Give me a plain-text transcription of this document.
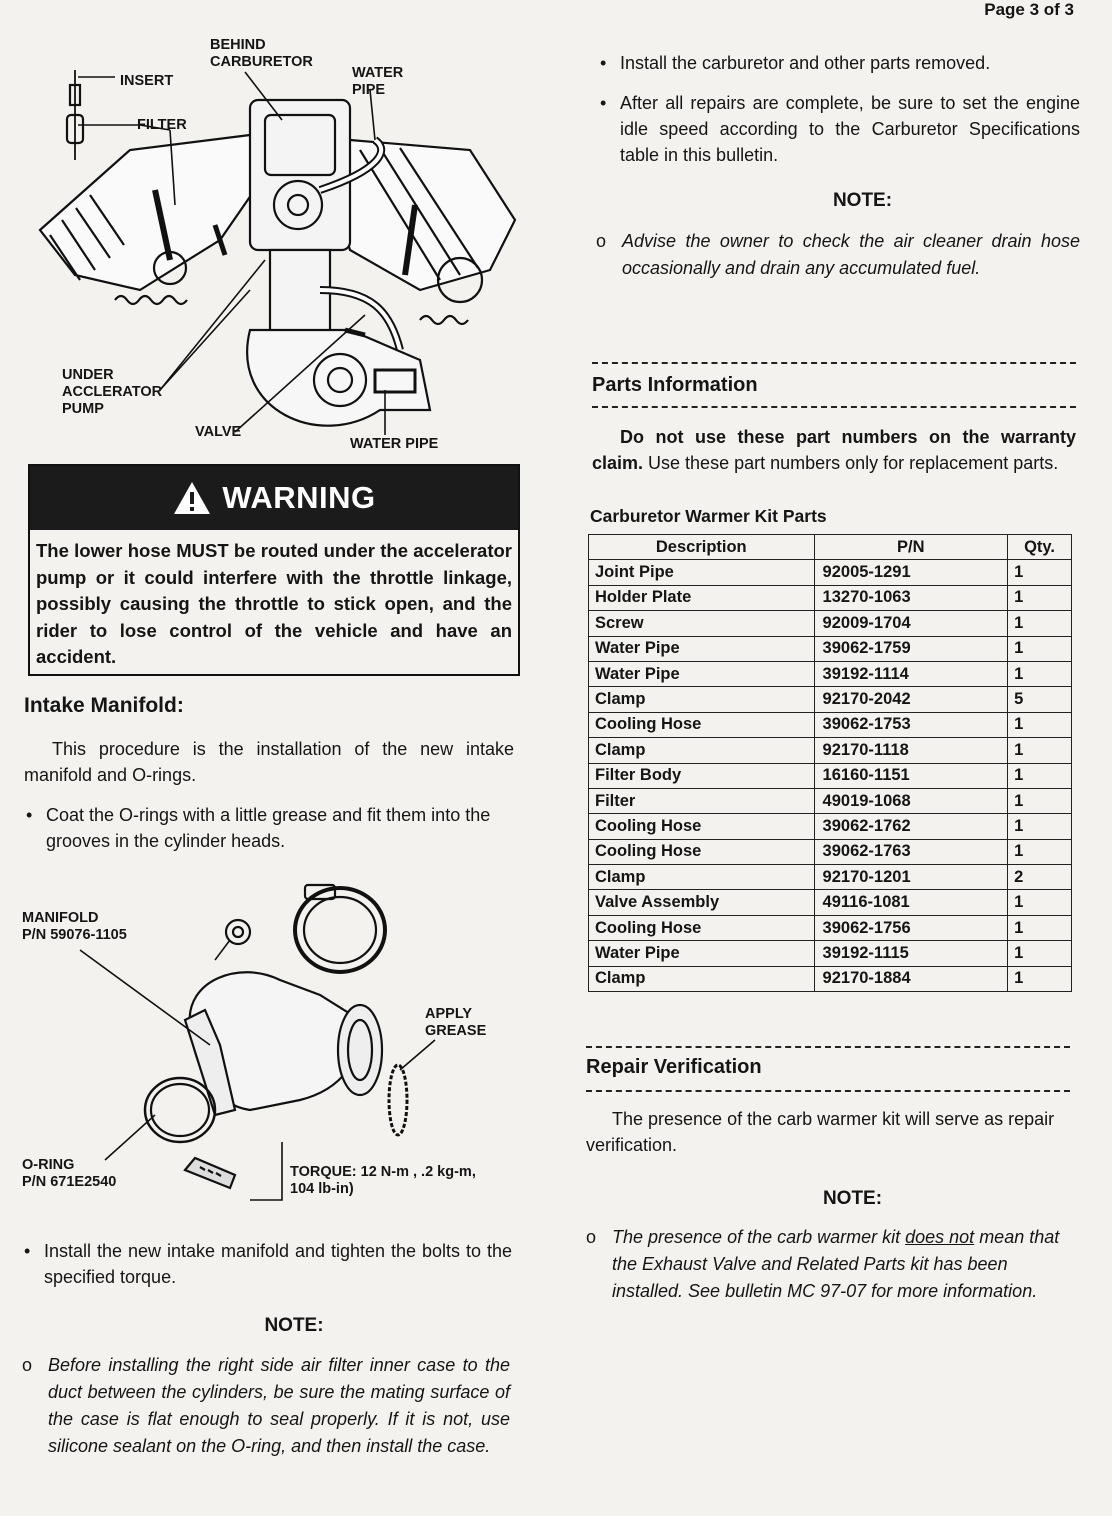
Page 3 of 3
BEHIND
CARBURETOR
INSERT
FILTER
WATER
PIPE
UNDER
ACCLERATOR
PUMP
VALVE
WATER PIPE
WARNING
The lower hose MUST be routed under the accelerator pump or it could interfere with the throttle linkage, possibly causing the throttle to stick open, and the rider to lose control of the vehicle and have an accident.
Intake Manifold:
This procedure is the installation of the new intake manifold and O-rings.
• Coat the O-rings with a little grease and fit them into the grooves in the cylinder heads.
MANIFOLD
P/N 59076-1105
APPLY
GREASE
O-RING
P/N 671E2540
TORQUE: 12 N-m , .2 kg-m,
104 lb-in)
• Install the new intake manifold and tighten the bolts to the specified torque.
NOTE:
o Before installing the right side air filter inner case to the duct between the cylinders, be sure the mating surface of the case is flat enough to seal properly. If it is not, use silicone sealant on the O-ring, and then install the case.
• Install the carburetor and other parts removed.
• After all repairs are complete, be sure to set the engine idle speed according to the Carburetor Specifications table in this bulletin.
NOTE:
o Advise the owner to check the air cleaner drain hose occasionally and drain any accumulated fuel.
Parts Information
Do not use these part numbers on the warranty claim. Use these part numbers only for replacement parts.
Carburetor Warmer Kit Parts
Description	P/N	Qty.
Joint Pipe	92005-1291	1
Holder Plate	13270-1063	1
Screw	92009-1704	1
Water Pipe	39062-1759	1
Water Pipe	39192-1114	1
Clamp	92170-2042	5
Cooling Hose	39062-1753	1
Clamp	92170-1118	1
Filter Body	16160-1151	1
Filter	49019-1068	1
Cooling Hose	39062-1762	1
Cooling Hose	39062-1763	1
Clamp	92170-1201	2
Valve Assembly	49116-1081	1
Cooling Hose	39062-1756	1
Water Pipe	39192-1115	1
Clamp	92170-1884	1
Repair Verification
The presence of the carb warmer kit will serve as repair verification.
NOTE:
o The presence of the carb warmer kit does not mean that the Exhaust Valve and Related Parts kit has been installed. See bulletin MC 97-07 for more information.
